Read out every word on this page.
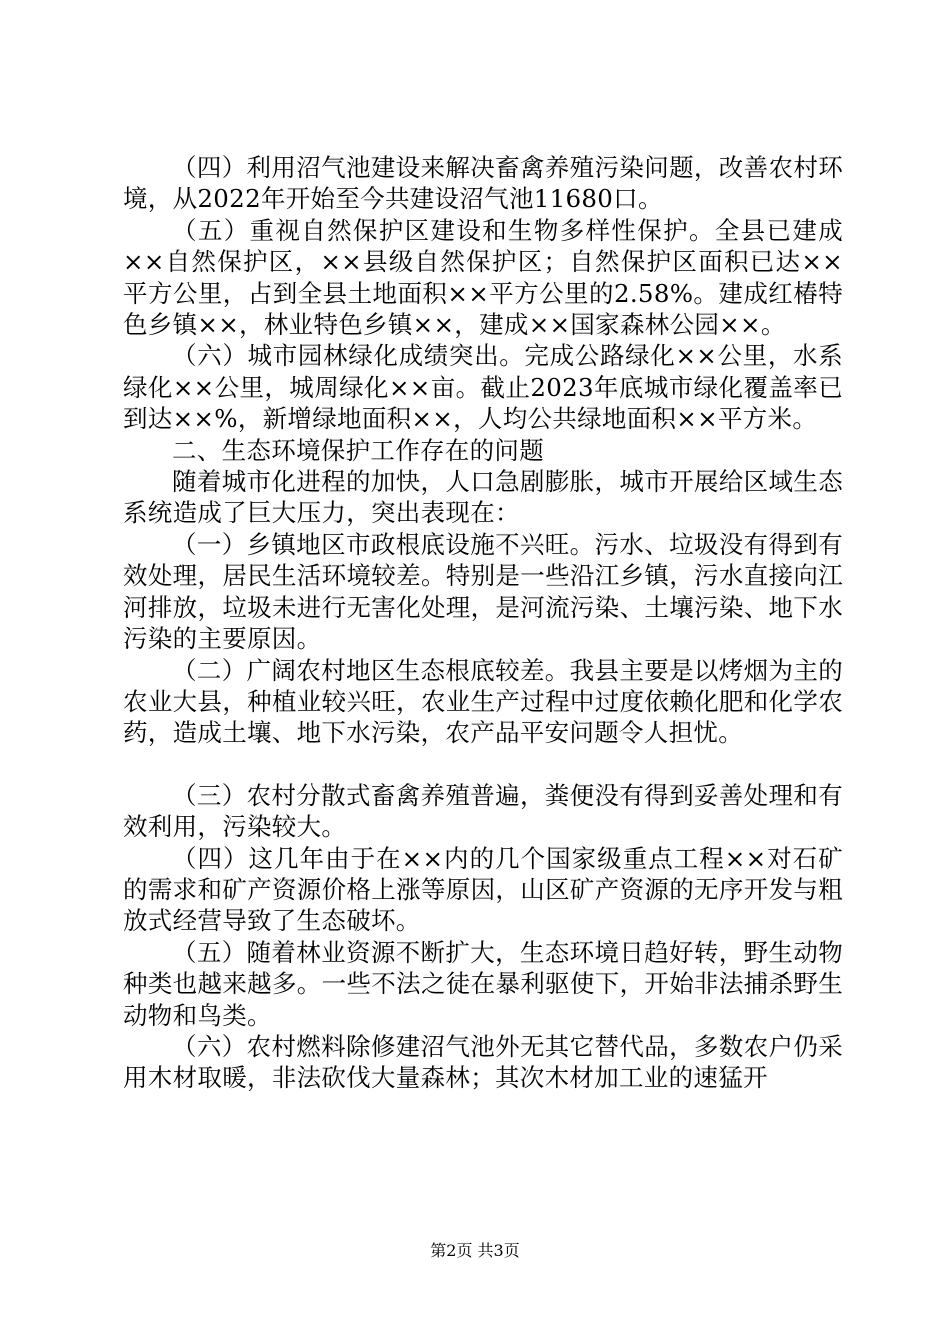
（四）利用沼气池建设来解决畜禽养殖污染问题，改善农村环境，从2022年开始至今共建设沼气池11680口。

（五）重视自然保护区建设和生物多样性保护。全县已建成××自然保护区，××县级自然保护区；自然保护区面积已达××平方公里，占到全县土地面积××平方公里的2.58%。建成红椿特色乡镇××，林业特色乡镇××，建成××国家森林公园××。

（六）城市园林绿化成绩突出。完成公路绿化××公里，水系绿化××公里，城周绿化××亩。截止2023年底城市绿化覆盖率已到达××%，新增绿地面积××，人均公共绿地面积××平方米。

二、生态环境保护工作存在的问题

随着城市化进程的加快，人口急剧膨胀，城市开展给区域生态系统造成了巨大压力，突出表现在：

（一）乡镇地区市政根底设施不兴旺。污水、垃圾没有得到有效处理，居民生活环境较差。特别是一些沿江乡镇，污水直接向江河排放，垃圾未进行无害化处理，是河流污染、土壤污染、地下水污染的主要原因。

（二）广阔农村地区生态根底较差。我县主要是以烤烟为主的农业大县，种植业较兴旺，农业生产过程中过度依赖化肥和化学农药，造成土壤、地下水污染，农产品平安问题令人担忧。

（三）农村分散式畜禽养殖普遍，粪便没有得到妥善处理和有效利用，污染较大。

（四）这几年由于在××内的几个国家级重点工程××对石矿的需求和矿产资源价格上涨等原因，山区矿产资源的无序开发与粗放式经营导致了生态破坏。

（五）随着林业资源不断扩大，生态环境日趋好转，野生动物种类也越来越多。一些不法之徒在暴利驱使下，开始非法捕杀野生动物和鸟类。

（六）农村燃料除修建沼气池外无其它替代品，多数农户仍采用木材取暖，非法砍伐大量森林；其次木材加工业的速猛开

第2页 共3页
